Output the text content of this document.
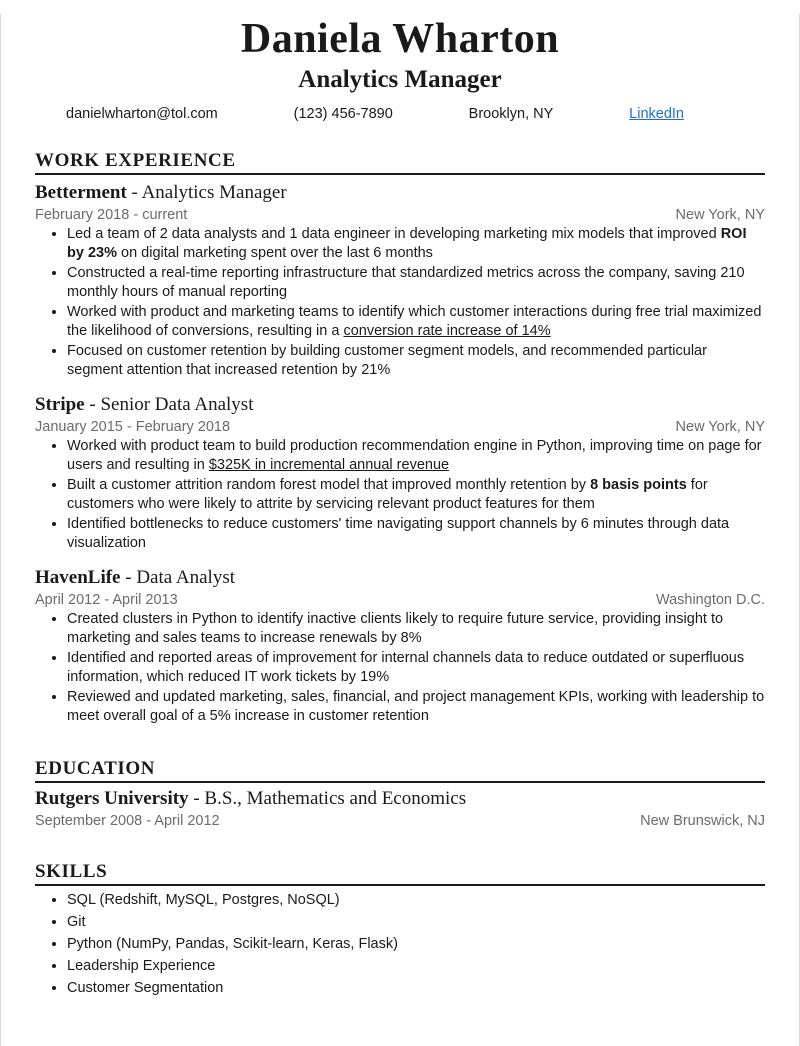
Daniela Wharton
Analytics Manager
danielwharton@tol.com	(123) 456-7890	Brooklyn, NY	LinkedIn
WORK EXPERIENCE
Betterment - Analytics Manager
February 2018 - current	New York, NY
• Led a team of 2 data analysts and 1 data engineer in developing marketing mix models that improved ROI by 23% on digital marketing spent over the last 6 months
• Constructed a real-time reporting infrastructure that standardized metrics across the company, saving 210 monthly hours of manual reporting
• Worked with product and marketing teams to identify which customer interactions during free trial maximized the likelihood of conversions, resulting in a conversion rate increase of 14%
• Focused on customer retention by building customer segment models, and recommended particular segment attention that increased retention by 21%
Stripe - Senior Data Analyst
January 2015 - February 2018	New York, NY
• Worked with product team to build production recommendation engine in Python, improving time on page for users and resulting in $325K in incremental annual revenue
• Built a customer attrition random forest model that improved monthly retention by 8 basis points for customers who were likely to attrite by servicing relevant product features for them
• Identified bottlenecks to reduce customers' time navigating support channels by 6 minutes through data visualization
HavenLife - Data Analyst
April 2012 - April 2013	Washington D.C.
• Created clusters in Python to identify inactive clients likely to require future service, providing insight to marketing and sales teams to increase renewals by 8%
• Identified and reported areas of improvement for internal channels data to reduce outdated or superfluous information, which reduced IT work tickets by 19%
• Reviewed and updated marketing, sales, financial, and project management KPIs, working with leadership to meet overall goal of a 5% increase in customer retention
EDUCATION
Rutgers University - B.S., Mathematics and Economics
September 2008 - April 2012	New Brunswick, NJ
SKILLS
• SQL (Redshift, MySQL, Postgres, NoSQL)
• Git
• Python (NumPy, Pandas, Scikit-learn, Keras, Flask)
• Leadership Experience
• Customer Segmentation
